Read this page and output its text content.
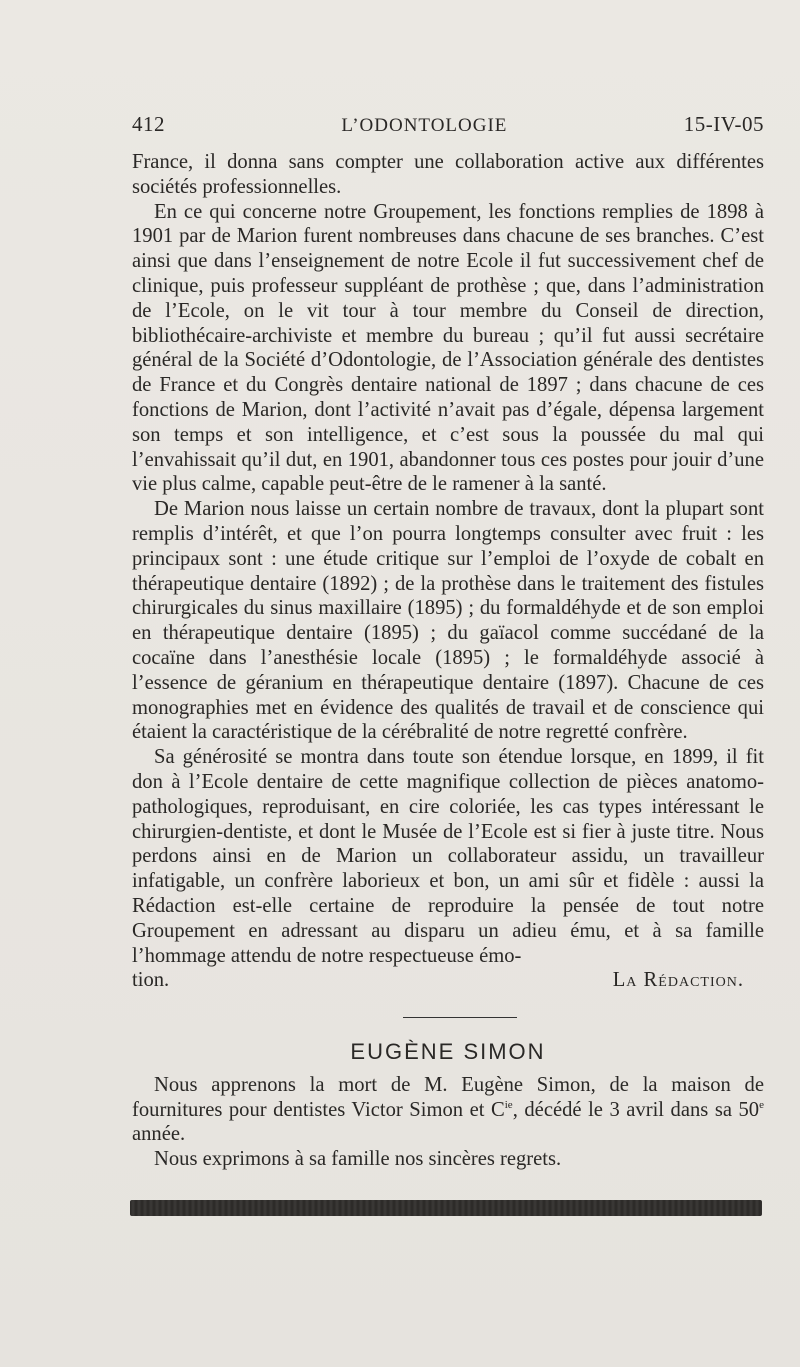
412	L’ODONTOLOGIE	15-IV-05

France, il donna sans compter une collaboration active aux différentes sociétés professionnelles.

En ce qui concerne notre Groupement, les fonctions remplies de 1898 à 1901 par de Marion furent nombreuses dans chacune de ses branches. C’est ainsi que dans l’enseignement de notre Ecole il fut successivement chef de clinique, puis professeur suppléant de prothèse ; que, dans l’administration de l’Ecole, on le vit tour à tour membre du Conseil de direction, bibliothécaire-archiviste et membre du bureau ; qu’il fut aussi secrétaire général de la Société d’Odontologie, de l’Association générale des dentistes de France et du Congrès dentaire national de 1897 ; dans chacune de ces fonctions de Marion, dont l’activité n’avait pas d’égale, dépensa largement son temps et son intelligence, et c’est sous la poussée du mal qui l’envahissait qu’il dut, en 1901, abandonner tous ces postes pour jouir d’une vie plus calme, capable peut-être de le ramener à la santé.

De Marion nous laisse un certain nombre de travaux, dont la plupart sont remplis d’intérêt, et que l’on pourra longtemps consulter avec fruit : les principaux sont : une étude critique sur l’emploi de l’oxyde de cobalt en thérapeutique dentaire (1892) ; de la prothèse dans le traitement des fistules chirurgicales du sinus maxillaire (1895) ; du formaldéhyde et de son emploi en thérapeutique dentaire (1895) ; du gaïacol comme succédané de la cocaïne dans l’anesthésie locale (1895) ; le formaldéhyde associé à l’essence de géranium en thérapeutique dentaire (1897). Chacune de ces monographies met en évidence des qualités de travail et de conscience qui étaient la caractéristique de la cérébralité de notre regretté confrère.

Sa générosité se montra dans toute son étendue lorsque, en 1899, il fit don à l’Ecole dentaire de cette magnifique collection de pièces anatomo-pathologiques, reproduisant, en cire coloriée, les cas types intéressant le chirurgien-dentiste, et dont le Musée de l’Ecole est si fier à juste titre. Nous perdons ainsi en de Marion un collaborateur assidu, un travailleur infatigable, un confrère laborieux et bon, un ami sûr et fidèle : aussi la Rédaction est-elle certaine de reproduire la pensée de tout notre Groupement en adressant au disparu un adieu ému, et à sa famille l’hommage attendu de notre respectueuse émo-

tion.	La Rédaction.
EUGÈNE SIMON

Nous apprenons la mort de M. Eugène Simon, de la maison de fournitures pour dentistes Victor Simon et $C^{ie}$, décédé le 3 avril dans sa 50e année.

Nous exprimons à sa famille nos sincères regrets.
